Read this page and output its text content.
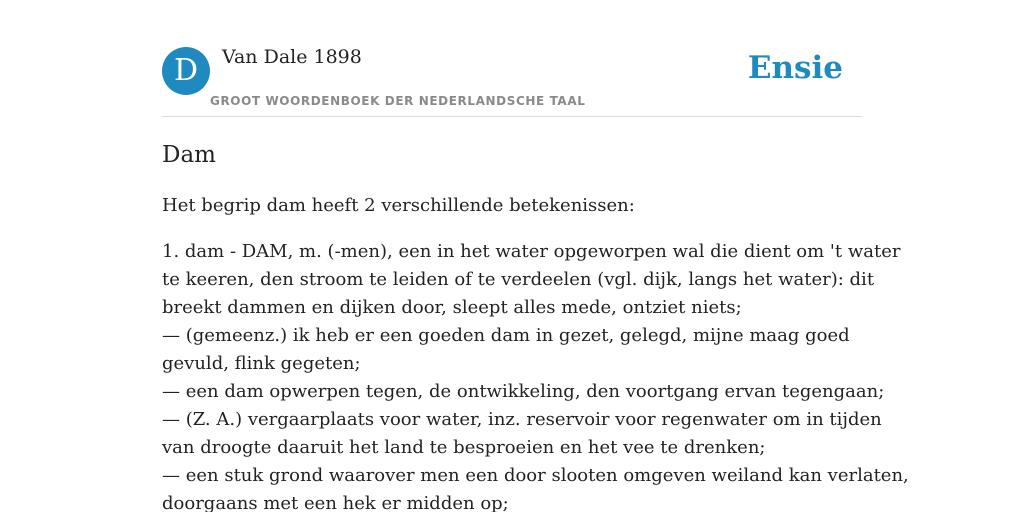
D	Van Dale 1898
GROOT WOORDENBOEK DER NEDERLANDSCHE TAAL
Ensie
Dam

Het begrip dam heeft 2 verschillende betekenissen:

1. dam - DAM, m. (-men), een in het water opgeworpen wal die dient om 't water
te keeren, den stroom te leiden of te verdeelen (vgl. dijk, langs het water): dit
breekt dammen en dijken door, sleept alles mede, ontziet niets;
— (gemeenz.) ik heb er een goeden dam in gezet, gelegd, mijne maag goed
gevuld, flink gegeten;
— een dam opwerpen tegen, de ontwikkeling, den voortgang ervan tegengaan;
— (Z. A.) vergaarplaats voor water, inz. reservoir voor regenwater om in tijden
van droogte daaruit het land te besproeien en het vee te drenken;
— een stuk grond waarover men een door slooten omgeven weiland kan verlaten,
doorgaans met een hek er midden op;
